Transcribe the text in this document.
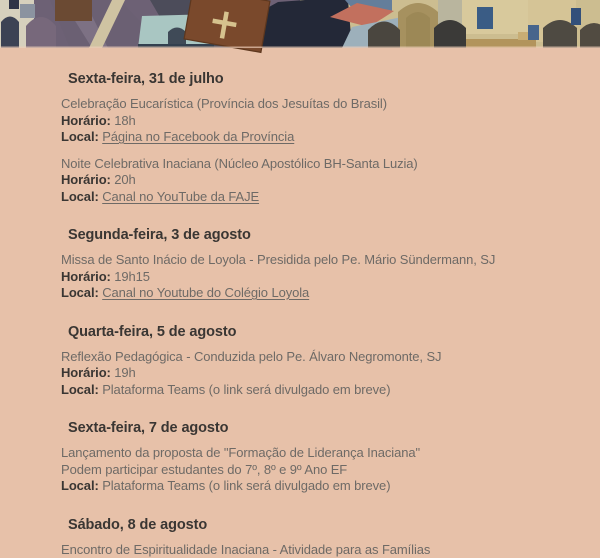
Sexta-feira, 31 de julho

Celebração Eucarística (Província dos Jesuítas do Brasil)

Horário: 18h

Local: Página no Facebook da Província

Noite Celebrativa Inaciana (Núcleo Apostólico BH-Santa Luzia)

Horário: 20h

Local: Canal no YouTube da FAJE

Segunda-feira, 3 de agosto

Missa de Santo Inácio de Loyola - Presidida pelo Pe. Mário Sündermann, SJ

Horário: 19h15

Local: Canal no Youtube do Colégio Loyola

Quarta-feira, 5 de agosto

Reflexão Pedagógica - Conduzida pelo Pe. Álvaro Negromonte, SJ

Horário: 19h

Local: Plataforma Teams (o link será divulgado em breve)

Sexta-feira, 7 de agosto

Lançamento da proposta de "Formação de Liderança Inaciana"

Podem participar estudantes do 7º, 8º e 9º Ano EF

Local: Plataforma Teams (o link será divulgado em breve)

Sábado, 8 de agosto

Encontro de Espiritualidade Inaciana - Atividade para as Famílias
